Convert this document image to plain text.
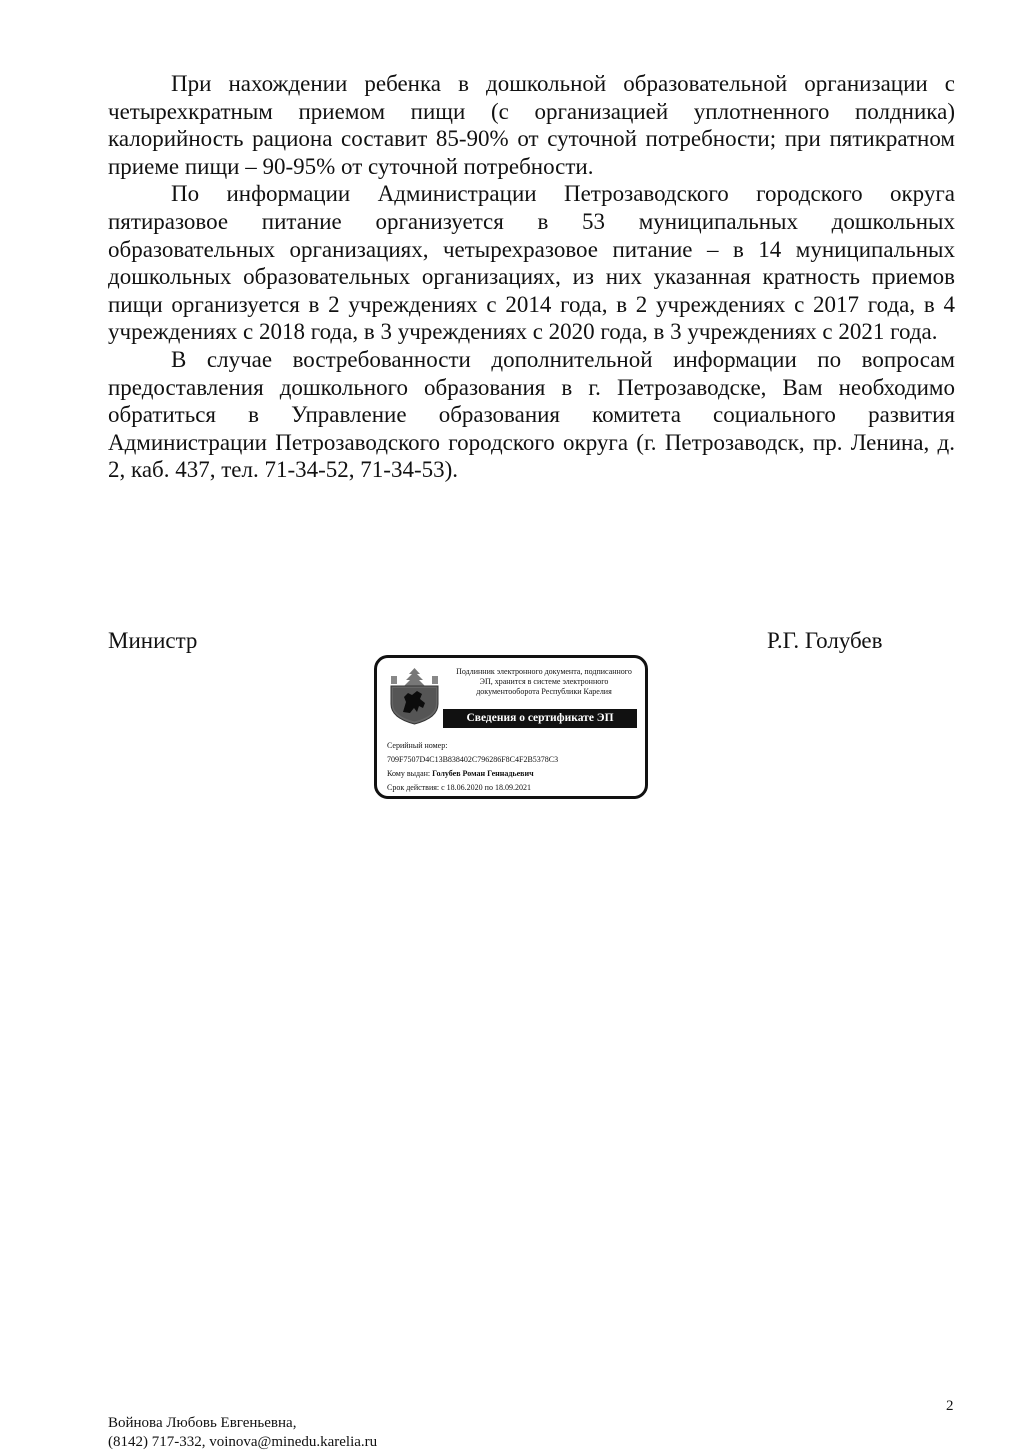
При нахождении ребенка в дошкольной образовательной организации с четырехкратным приемом пищи (с организацией уплотненного полдника) калорийность рациона составит 85-90% от суточной потребности; при пятикратном приеме пищи – 90-95% от суточной потребности.

По информации Администрации Петрозаводского городского округа пятиразовое питание организуется в 53 муниципальных дошкольных образовательных организациях, четырехразовое питание – в 14 муниципальных дошкольных образовательных организациях, из них указанная кратность приемов пищи организуется в 2 учреждениях с 2014 года, в 2 учреждениях с 2017 года, в 4 учреждениях с 2018 года, в 3 учреждениях с 2020 года, в 3 учреждениях с 2021 года.

В случае востребованности дополнительной информации по вопросам предоставления дошкольного образования в г. Петрозаводске, Вам необходимо обратиться в Управление образования комитета социального развития Администрации Петрозаводского городского округа (г. Петрозаводск, пр. Ленина, д. 2, каб. 437, тел. 71-34-52, 71-34-53).

Министр	Р.Г. Голубев
Подлинник электронного документа, подписанного
ЭП, хранится в системе электронного
документооборота Республики Карелия
Сведения о сертификате ЭП
Серийный номер:
709F7507D4C13B838402C796286F8C4F2B5378C3
Кому выдан: Голубев Роман Геннадьевич
Срок действия: с 18.06.2020 по 18.09.2021
2
Войнова Любовь Евгеньевна,
(8142) 717-332, voinova@minedu.karelia.ru
